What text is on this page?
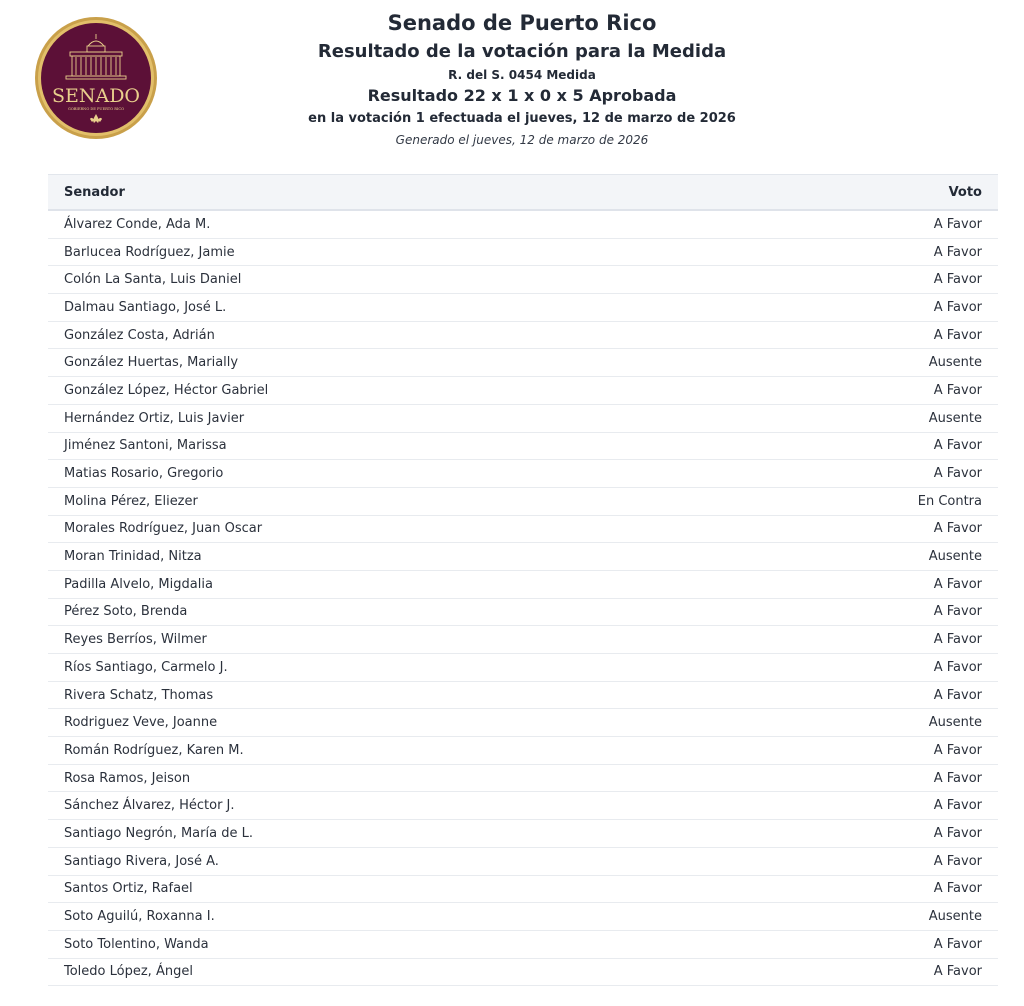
SENADO
GOBIERNO DE PUERTO RICO
Senado de Puerto Rico
Resultado de la votación para la Medida
R. del S. 0454 Medida
Resultado 22 x 1 x 0 x 5 Aprobada
en la votación 1 efectuada el jueves, 12 de marzo de 2026
Generado el jueves, 12 de marzo de 2026
Senador	Voto
Álvarez Conde, Ada M.	A Favor
Barlucea Rodríguez, Jamie	A Favor
Colón La Santa, Luis Daniel	A Favor
Dalmau Santiago, José L.	A Favor
González Costa, Adrián	A Favor
González Huertas, Marially	Ausente
González López, Héctor Gabriel	A Favor
Hernández Ortiz, Luis Javier	Ausente
Jiménez Santoni, Marissa	A Favor
Matias Rosario, Gregorio	A Favor
Molina Pérez, Eliezer	En Contra
Morales Rodríguez, Juan Oscar	A Favor
Moran Trinidad, Nitza	Ausente
Padilla Alvelo, Migdalia	A Favor
Pérez Soto, Brenda	A Favor
Reyes Berríos, Wilmer	A Favor
Ríos Santiago, Carmelo J.	A Favor
Rivera Schatz, Thomas	A Favor
Rodriguez Veve, Joanne	Ausente
Román Rodríguez, Karen M.	A Favor
Rosa Ramos, Jeison	A Favor
Sánchez Álvarez, Héctor J.	A Favor
Santiago Negrón, María de L.	A Favor
Santiago Rivera, José A.	A Favor
Santos Ortiz, Rafael	A Favor
Soto Aguilú, Roxanna I.	Ausente
Soto Tolentino, Wanda	A Favor
Toledo López, Ángel	A Favor
